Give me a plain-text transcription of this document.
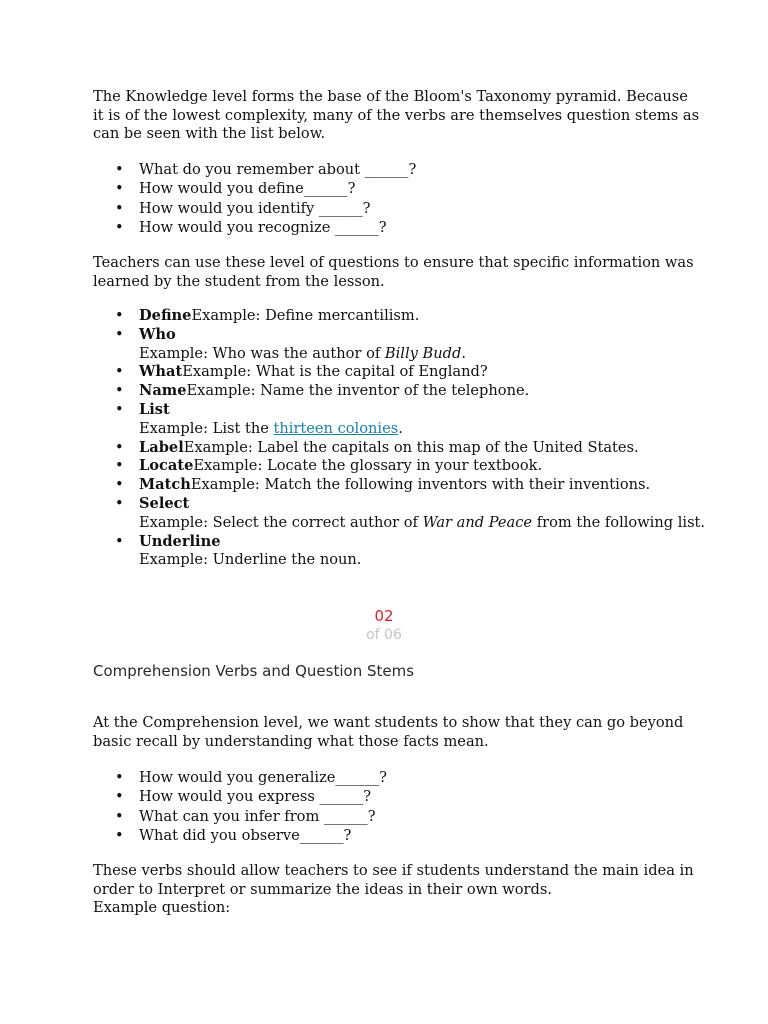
The Knowledge level forms the base of the Bloom's Taxonomy pyramid. Because it is of the lowest complexity, many of the verbs are themselves question stems as can be seen with the list below.

• What do you remember about ______?
• How would you define______?
• How would you identify ______?
• How would you recognize ______?

Teachers can use these level of questions to ensure that specific information was learned by the student from the lesson.

• DefineExample: Define mercantilism.
• Who
Example: Who was the author of Billy Budd.
• WhatExample: What is the capital of England?
• NameExample: Name the inventor of the telephone.
• List
Example: List the thirteen colonies.
• LabelExample: Label the capitals on this map of the United States.
• LocateExample: Locate the glossary in your textbook.
• MatchExample: Match the following inventors with their inventions.
• Select
Example: Select the correct author of War and Peace from the following list.
• Underline
Example: Underline the noun.
02
of 06
Comprehension Verbs and Question Stems

At the Comprehension level, we want students to show that they can go beyond basic recall by understanding what those facts mean.

• How would you generalize______?
• How would you express ______?
• What can you infer from ______?
• What did you observe______?

These verbs should allow teachers to see if students understand the main idea in order to Interpret or summarize the ideas in their own words.

Example question:
